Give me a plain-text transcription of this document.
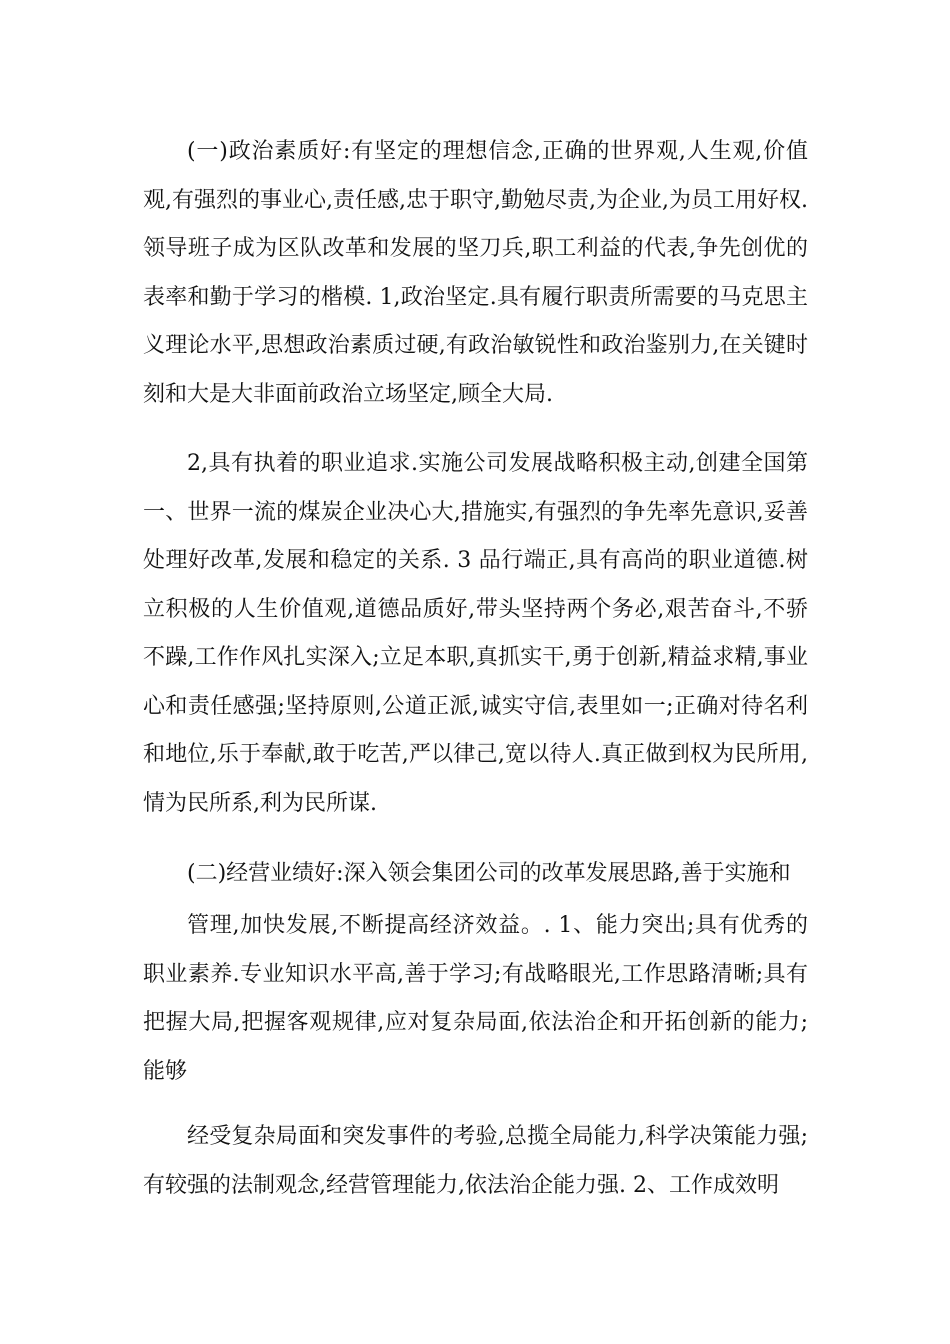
(一)政治素质好:有坚定的理想信念,正确的世界观,人生观,价值观,有强烈的事业心,责任感,忠于职守,勤勉尽责,为企业,为员工用好权.领导班子成为区队改革和发展的坚刀兵,职工利益的代表,争先创优的表率和勤于学习的楷模. 1,政治坚定.具有履行职责所需要的马克思主义理论水平,思想政治素质过硬,有政治敏锐性和政治鉴别力,在关键时刻和大是大非面前政治立场坚定,顾全大局.

2,具有执着的职业追求.实施公司发展战略积极主动,创建全国第一、世界一流的煤炭企业决心大,措施实,有强烈的争先率先意识,妥善处理好改革,发展和稳定的关系. 3 品行端正,具有高尚的职业道德.树立积极的人生价值观,道德品质好,带头坚持两个务必,艰苦奋斗,不骄不躁,工作作风扎实深入;立足本职,真抓实干,勇于创新,精益求精,事业心和责任感强;坚持原则,公道正派,诚实守信,表里如一;正确对待名利和地位,乐于奉献,敢于吃苦,严以律己,宽以待人.真正做到权为民所用,情为民所系,利为民所谋.

(二)经营业绩好:深入领会集团公司的改革发展思路,善于实施和

管理,加快发展,不断提高经济效益。. 1、能力突出;具有优秀的职业素养.专业知识水平高,善于学习;有战略眼光,工作思路清晰;具有把握大局,把握客观规律,应对复杂局面,依法治企和开拓创新的能力;能够

经受复杂局面和突发事件的考验,总揽全局能力,科学决策能力强;有较强的法制观念,经营管理能力,依法治企能力强. 2、工作成效明
